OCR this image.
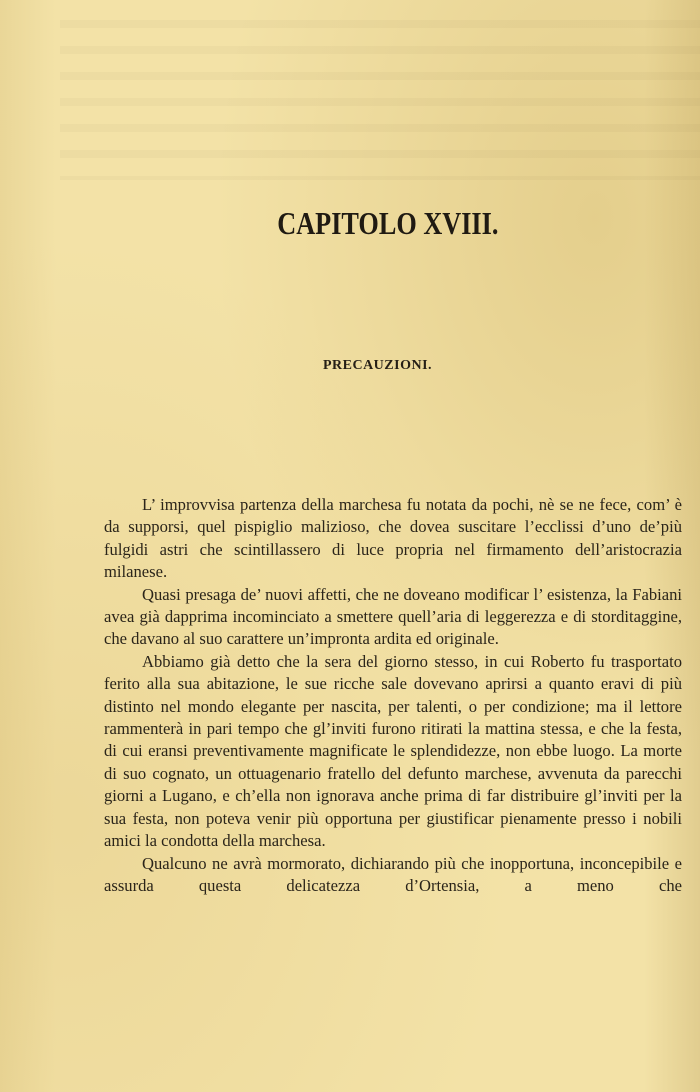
CAPITOLO XVIII.
PRECAUZIONI.

L’ improvvisa partenza della marchesa fu notata da pochi, nè se ne fece, com’ è da supporsi, quel pispiglio malizioso, che dovea suscitare l’ecclissi d’uno de’più fulgidi astri che scintillassero di luce propria nel firmamento dell’aristocrazia milanese.

Quasi presaga de’ nuovi affetti, che ne doveano modificar l’ esistenza, la Fabiani avea già dapprima incominciato a smettere quell’aria di leggerezza e di storditaggine, che davano al suo carattere un’impronta ardita ed originale.

Abbiamo già detto che la sera del giorno stesso, in cui Roberto fu trasportato ferito alla sua abitazione, le sue ricche sale dovevano aprirsi a quanto eravi di più distinto nel mondo elegante per nascita, per talenti, o per condizione; ma il lettore rammenterà in pari tempo che gl’inviti furono ritirati la mattina stessa, e che la festa, di cui eransi preventivamente magnificate le splendidezze, non ebbe luogo. La morte di suo cognato, un ottuagenario fratello del defunto marchese, avvenuta da parecchi giorni a Lugano, e ch’ella non ignorava anche prima di far distribuire gl’inviti per la sua festa, non poteva venir più opportuna per giustificar pienamente presso i nobili amici la condotta della marchesa.

Qualcuno ne avrà mormorato, dichiarando più che inopportuna, inconcepibile e assurda questa delicatezza d’Ortensia, a meno che
